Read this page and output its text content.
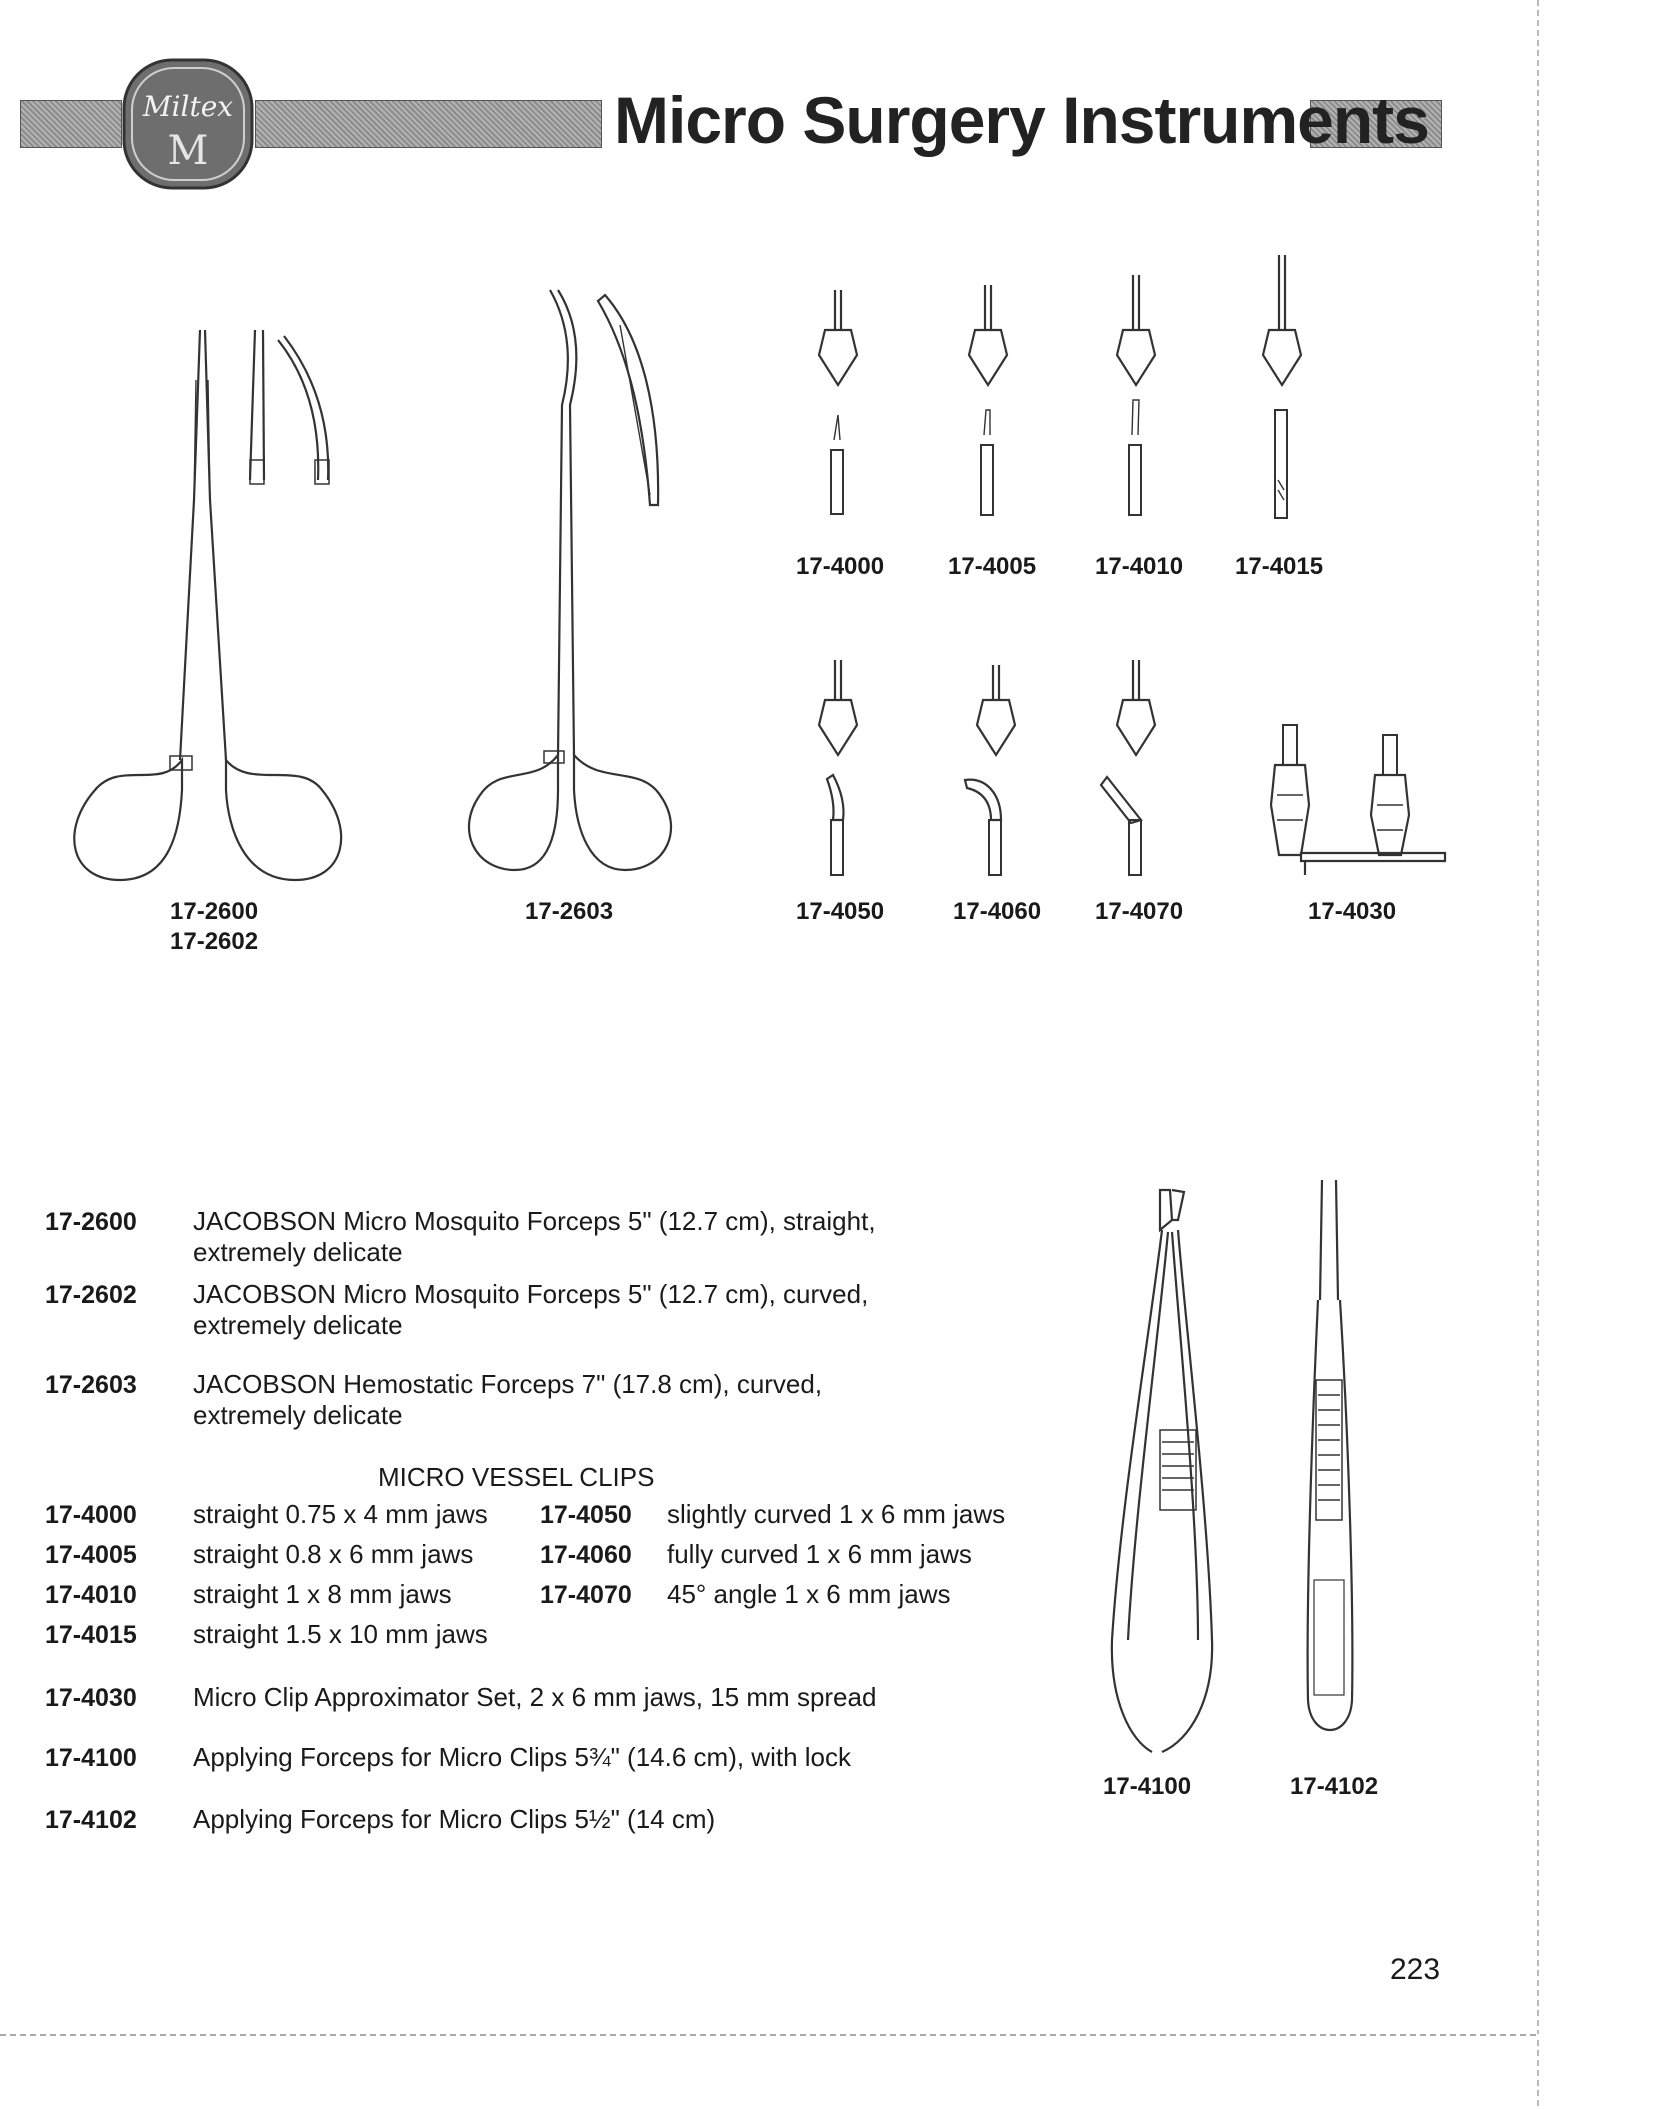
Miltex
M	Micro Surgery Instruments
17-2600
17-2602
17-2603
17-4000	17-4005 17-4010 17-4015
17-4050	17-4060 17-4070	17-4030
17-4100	17-4102
17-2600 JACOBSON Micro Mosquito Forceps 5" (12.7 cm), straight,
extremely delicate
17-2602 JACOBSON Micro Mosquito Forceps 5" (12.7 cm), curved,
extremely delicate
17-2603 JACOBSON Hemostatic Forceps 7" (17.8 cm), curved,
extremely delicate
MICRO VESSEL CLIPS
17-4000 straight 0.75 x 4 mm jaws
17-4005 straight 0.8 x 6 mm jaws
17-4010 straight 1 x 8 mm jaws
17-4015 straight 1.5 x 10 mm jaws
17-4050 slightly curved 1 x 6 mm jaws
17-4060 fully curved 1 x 6 mm jaws
17-4070 45° angle 1 x 6 mm jaws
17-4030 Micro Clip Approximator Set, 2 x 6 mm jaws, 15 mm spread
17-4100 Applying Forceps for Micro Clips 5¾" (14.6 cm), with lock
17-4102 Applying Forceps for Micro Clips 5½" (14 cm)
223
